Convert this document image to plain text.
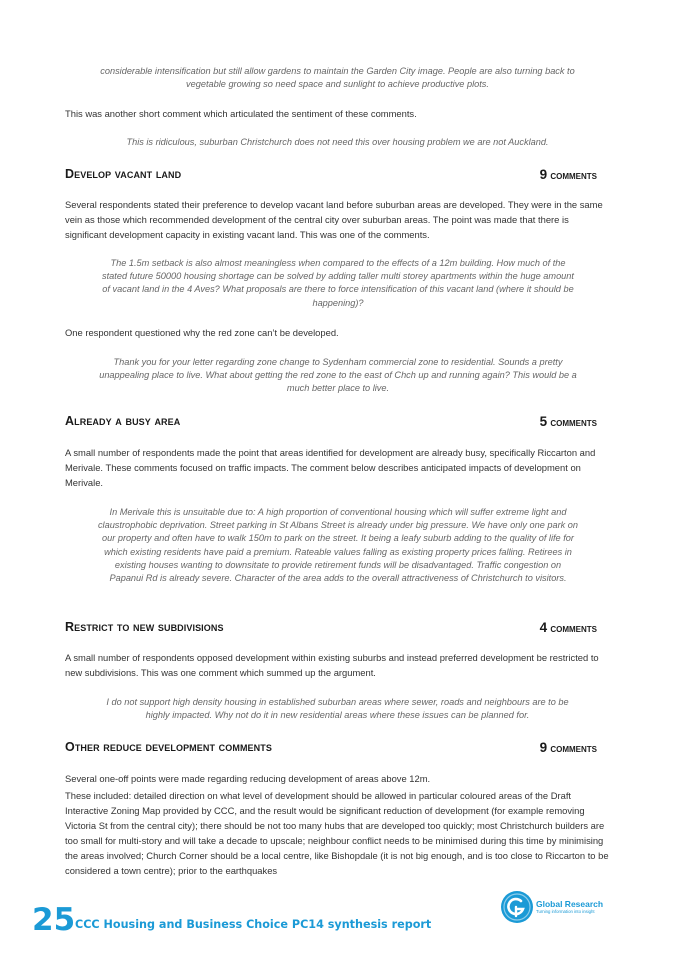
considerable intensification but still allow gardens to maintain the Garden City image. People are also turning back to vegetable growing so need space and sunlight to achieve productive plots.

This was another short comment which articulated the sentiment of these comments.

This is ridiculous, suburban Christchurch does not need this over housing problem we are not Auckland.

Develop vacant land	9 comments

Several respondents stated their preference to develop vacant land before suburban areas are developed. They were in the same vein as those which recommended development of the central city over suburban areas. The point was made that there is significant development capacity in existing vacant land. This was one of the comments.

The 1.5m setback is also almost meaningless when compared to the effects of a 12m building. How much of the stated future 50000 housing shortage can be solved by adding taller multi storey apartments within the huge amount of vacant land in the 4 Aves? What proposals are there to force intensification of this vacant land (where it should be happening)?

One respondent questioned why the red zone can’t be developed.

Thank you for your letter regarding zone change to Sydenham commercial zone to residential. Sounds a pretty unappealing place to live. What about getting the red zone to the east of Chch up and running again? This would be a much better place to live.

Already a busy area	5 comments

A small number of respondents made the point that areas identified for development are already busy, specifically Riccarton and Merivale. These comments focused on traffic impacts. The comment below describes anticipated impacts of development on Merivale.

In Merivale this is unsuitable due to: A high proportion of conventional housing which will suffer extreme light and claustrophobic deprivation. Street parking in St Albans Street is already under big pressure. We have only one park on our property and often have to walk 150m to park on the street. It being a leafy suburb adding to the quality of life for which existing residents have paid a premium. Rateable values falling as existing property prices falling. Retirees in existing houses wanting to downsitate to provide retirement funds will be disadvantaged. Traffic congestion on Papanui Rd is already severe. Character of the area adds to the overall attractiveness of Christchurch to visitors.

Restrict to new subdivisions	4 comments

A small number of respondents opposed development within existing suburbs and instead preferred development be restricted to new subdivisions. This was one comment which summed up the argument.

I do not support high density housing in established suburban areas where sewer, roads and neighbours are to be highly impacted. Why not do it in new residential areas where these issues can be planned for.

Other reduce development comments	9 comments

Several one-off points were made regarding reducing development of areas above 12m.

These included: detailed direction on what level of development should be allowed in particular coloured areas of the Draft Interactive Zoning Map provided by CCC, and the result would be significant reduction of development (for example removing Victoria St from the central city); there should be not too many hubs that are developed too quickly; most Christchurch builders are too small for multi-story and will take a decade to upscale; neighbour conflict needs to be minimised during this time by minimising the areas involved; Church Corner should be a local centre, like Bishopdale (it is not big enough, and is too close to Riccarton to be considered a town centre); prior to the earthquakes

25 CCC Housing and Business Choice PC14 synthesis report
Global Research
Turning information into insight
